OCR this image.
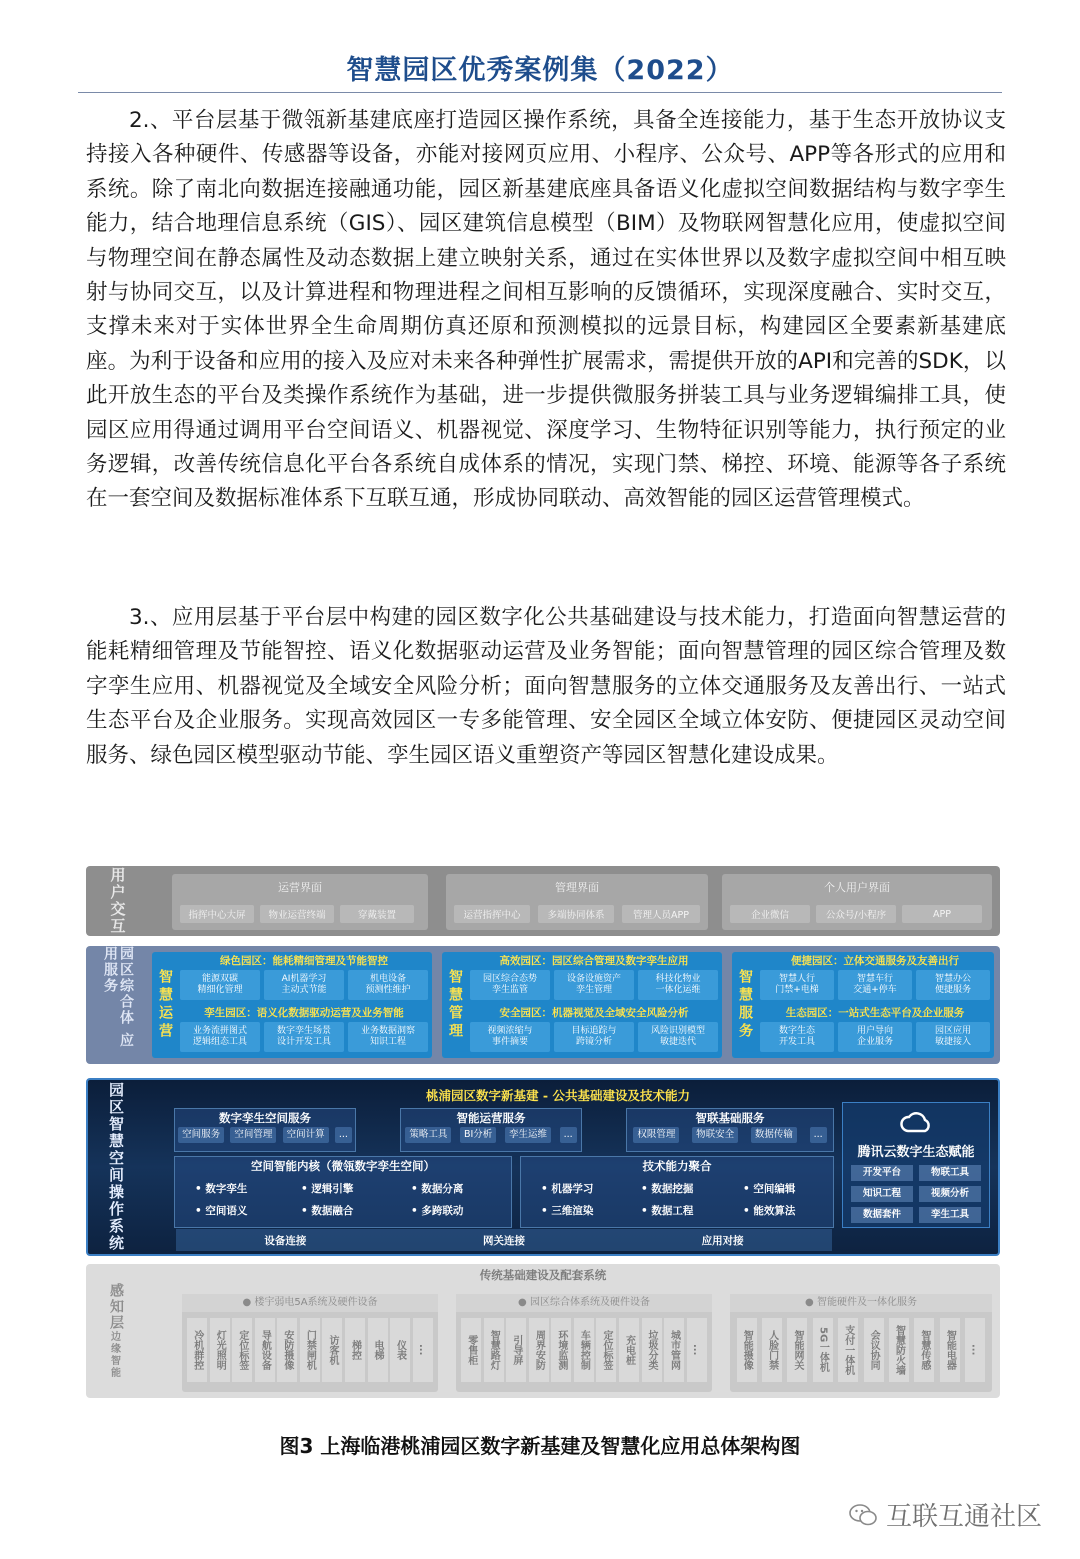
智慧园区优秀案例集（2022）

2.、平台层基于微瓴新基建底座打造园区操作系统，具备全连接能力，基于生态开放协议支持接入各种硬件、传感器等设备，亦能对接网页应用、小程序、公众号、APP等各形式的应用和系统。除了南北向数据连接融通功能，园区新基建底座具备语义化虚拟空间数据结构与数字孪生能力，结合地理信息系统（GIS）、园区建筑信息模型（BIM）及物联网智慧化应用，使虚拟空间与物理空间在静态属性及动态数据上建立映射关系，通过在实体世界以及数字虚拟空间中相互映射与协同交互，以及计算进程和物理进程之间相互影响的反馈循环，实现深度融合、实时交互，支撑未来对于实体世界全生命周期仿真还原和预测模拟的远景目标，构建园区全要素新基建底座。为利于设备和应用的接入及应对未来各种弹性扩展需求，需提供开放的API和完善的SDK，以此开放生态的平台及类操作系统作为基础，进一步提供微服务拼装工具与业务逻辑编排工具，使园区应用得通过调用平台空间语义、机器视觉、深度学习、生物特征识别等能力，执行预定的业务逻辑，改善传统信息化平台各系统自成体系的情况，实现门禁、梯控、环境、能源等各子系统在一套空间及数据标准体系下互联互通，形成协同联动、高效智能的园区运营管理模式。

3.、应用层基于平台层中构建的园区数字化公共基础建设与技术能力，打造面向智慧运营的能耗精细管理及节能智控、语义化数据驱动运营及业务智能；面向智慧管理的园区综合管理及数字孪生应用、机器视觉及全域安全风险分析；面向智慧服务的立体交通服务及友善出行、一站式生态平台及企业服务。实现高效园区一专多能管理、安全园区全域立体安防、便捷园区灵动空间服务、绿色园区模型驱动节能、孪生园区语义重塑资产等园区智慧化建设成果。

用户交互	运营界面
指挥中心大屏	物业运营终端	穿戴装置
管理界面
运营指挥中心	多端协同体系	管理人员APP
个人用户界面
企业微信	公众号/小程序	APP
园区综合体 应用服务	智慧运营
绿色园区：能耗精细管理及节能智控
能源双碳
精细化管理
AI机器学习
主动式节能
机电设备
预测性维护
孪生园区：语义化数据驱动运营及业务智能
业务流拼图式
逻辑组态工具
数字孪生场景
设计开发工具
业务数据洞察
知识工程
智慧管理
高效园区：园区综合管理及数字孪生应用
园区综合态势
孪生监管
设备设施资产
孪生管理
科技化物业
一体化运维
安全园区：机器视觉及全域安全风险分析
视频浓缩与
事件摘要
目标追踪与
跨镜分析
风险识别模型
敏捷迭代
智慧服务
便捷园区：立体交通服务及友善出行
智慧人行
门禁+电梯
智慧车行
交通+停车
智慧办公
便捷服务
生态园区：一站式生态平台及企业服务
数字生态
开发工具
用户导向
企业服务
园区应用
敏捷接入
园区智慧空间操作系统	桃浦园区数字新基建 - 公共基础建设及技术能力
数字孪生空间服务
空间服务	空间管理	空间计算	...
智能运营服务
策略工具	BI分析	孪生运维	...
智联基础服务
权限管理	物联安全	数据传输	...
空间智能内核（微瓴数字孪生空间）
• 数字孪生	• 逻辑引擎	• 数据分离
• 空间语义	• 数据融合	• 多跨联动
技术能力聚合
• 机器学习	• 数据挖掘	• 空间编辑
• 三维渲染	• 数据工程	• 能效算法
腾讯云数字生态赋能
开发平台	物联工具
知识工程	视频分析
数据套件	孪生工具
设备连接	网关连接	应用对接
感知层
边缘智能
传统基础建设及配套系统
● 楼宇弱电5A系统及硬件设备
冷机群控	灯光照明	定位标签	导航设备	安防摄像	门禁闸机	访客机	梯控	电梯	仪表	...
● 园区综合体系统及硬件设备
零售柜	智慧路灯	引导屏	周界安防	环境监测	车辆控制	定位标签	充电桩	垃圾分类	城市管网	...
● 智能硬件及一体化服务
智能摄像	人脸门禁	智能网关	5G一体机	支付一体机	会议协同	智慧防火墙	智慧传感	智能电器	...
图3 上海临港桃浦园区数字新基建及智慧化应用总体架构图
互联互通社区
